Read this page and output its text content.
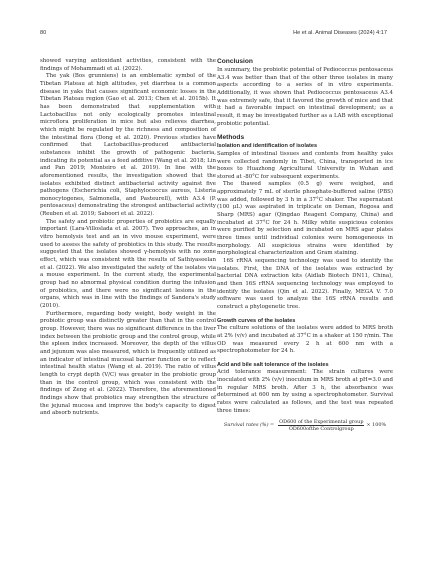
80	He et al. Animal Diseases (2024) 4:17

showed varying antioxidant activities, consistent with the findings of Mohammadi et al. (2022).

The yak (Bos grunniens) is an emblematic symbol of the Tibetan Plateau at high altitudes, yet diarrhea is a common disease in yaks that causes significant economic losses in the Tibetan Plateau region (Gao et al. 2013; Chen et al. 2015b). It has been demonstrated that supplementation with Lactobacillus not only ecologically promotes intestinal microflora proliferation in mice but also relieves diarrhea, which might be regulated by the richness and composition of the intestinal flora (Dong et al. 2020). Previous studies have confirmed that Lactobacillus-produced antibacterial substances inhibit the growth of pathogenic bacteria, indicating its potential as a feed additive (Wang et al. 2018; Lin and Pan 2019; Monteiro et al. 2019). In line with the aforementioned results, the investigation showed that the isolates exhibited distinct antibacterial activity against five pathogens (Escherichia coli, Staphylococcus aureus, Listeria monocytogenes, Salmonella, and Pasteurell), with A3.4 (P. pentosaceus) demonstrating the strongest antibacterial activity (Reuben et al. 2019; Saboori et al. 2022).

The safety and probiotic properties of probiotics are equally important (Lara-Villoslada et al. 2007). Two approaches, an in vitro hemolysis test and an in vivo mouse experiment, were used to assess the safety of probiotics in this study. The results suggested that the isolates showed γ-hemolysis with no zone effect, which was consistent with the results of Sathiyaseelan et al. (2022). We also investigated the safety of the isolates via a mouse experiment. In the current study, the experimental group had no abnormal physical condition during the infusion of probiotics, and there were no significant lesions in the organs, which was in line with the findings of Sandera's study (2010).

Furthermore, regarding body weight, body weight in the probiotic group was distinctly greater than that in the control group. However, there was no significant difference in the liver index between the probiotic group and the control group, while the spleen index increased. Moreover, the depth of the villus and jejunum was also measured, which is frequently utilized as an indicator of intestinal mucosal barrier function or to reflect intestinal health status (Wang et al. 2019). The ratio of villus length to crypt depth (V/C) was greater in the probiotic group than in the control group, which was consistent with the findings of Zeng et al. (2022). Therefore, the aforementioned findings show that probiotics may strengthen the structure of the jejunal mucosa and improve the body's capacity to digest and absorb nutrients.

Conclusion

In summary, the probiotic potential of Pediococcus pentosaceus A3.4 was better than that of the other three isolates in many aspects according to a series of in vitro experiments. Additionally, it was shown that Pediococcus pentosaceus A3.4 was extremely safe, that it favored the growth of mice and that it had a favorable impact on intestinal development; as a result, it may be investigated further as a LAB with exceptional probiotic potential.

Methods
Isolation and identification of isolates

Samples of intestinal tissues and contents from healthy yaks were collected randomly in Tibet, China, transported in ice boxes to Huazhong Agricultural University in Wuhan and stored at -80°C for subsequent experiments.

The thawed samples (0.5 g) were weighed, and approximately 7 mL of sterile phosphate-buffered saline (PBS) was added, followed by 3 h in a 37°C shaker. The supernatant (100 μL) was aspirated in triplicate on Deman, Rogosa and Sharp (MRS) agar (Qingdao Reagent Company, China) and incubated at 37°C for 24 h. Milky white suspicious colonies were purified by selection and incubated on MRS agar plates three times until individual colonies were homogeneous in morphology. All suspicious strains were identified by morphological characterization and Gram staining.

16S rRNA sequencing technology was used to identify the isolates. First, the DNA of the isolates was extracted by bacterial DNA extraction kits (Aidlab Biotech DN11, China), and then 16S rRNA sequencing technology was employed to identify the isolates (Qin et al. 2022). Finally, MEGA V. 7.0 software was used to analyze the 16S rRNA results and construct a phylogenetic tree.

Growth curves of the isolates

The culture solutions of the isolates were added to MRS broth at 2% (v/v) and incubated at 37°C in a shaker at 150 r/min. The OD was measured every 2 h at 600 nm with a spectrophotometer for 24 h.

Acid and bile salt tolerance of the isolates

Acid tolerance measurement: The strain cultures were inoculated with 2% (v/v) inoculum in MRS broth at pH=3.0 and in regular MRS broth. After 3 h, the absorbance was determined at 600 nm by using a spectrophotometer. Survival rates were calculated as follows, and the test was repeated three times:

Survival rates (%) = $\frac{\text{OD600 of the Experimental group}}{\text{OD600ofthe Controlgroup}} \times 100\%$
